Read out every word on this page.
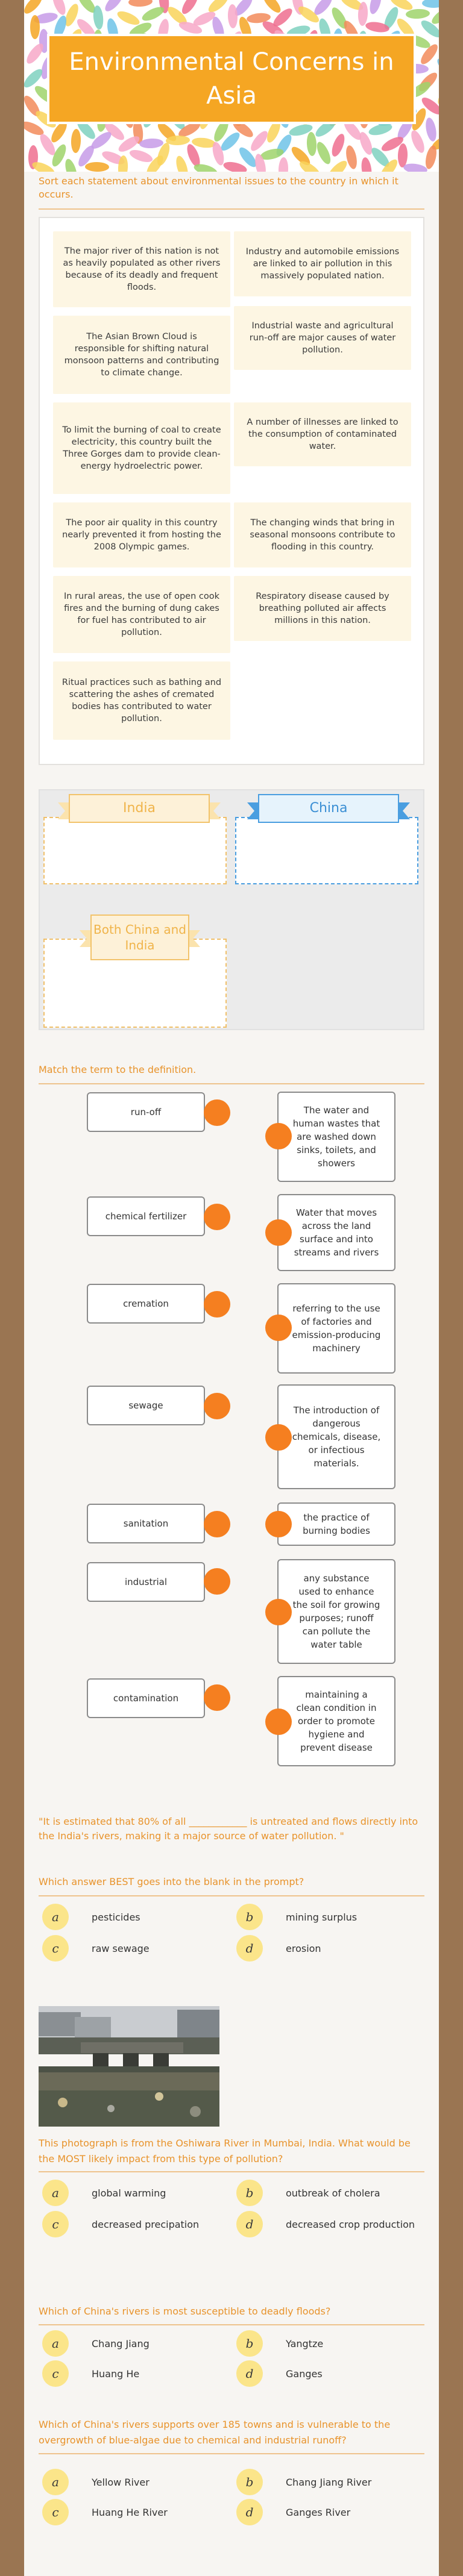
Environmental Concerns in Asia
Sort each statement about environmental issues to the country in which it occurs.
The major river of this nation is not as heavily populated as other rivers because of its deadly and frequent floods.
The Asian Brown Cloud is responsible for shifting natural monsoon patterns and contributing to climate change.
To limit the burning of coal to create electricity, this country built the Three Gorges dam to provide clean-energy hydroelectric power.
The poor air quality in this country nearly prevented it from hosting the 2008 Olympic games.
In rural areas, the use of open cook fires and the burning of dung cakes for fuel has contributed to air pollution.
Ritual practices such as bathing and scattering the ashes of cremated bodies has contributed to water pollution.
Industry and automobile emissions are linked to air pollution in this massively populated nation.
Industrial waste and agricultural run-off are major causes of water pollution.
A number of illnesses are linked to the consumption of contaminated water.
The changing winds that bring in seasonal monsoons contribute to flooding in this country.
Respiratory disease caused by breathing polluted air affects millions in this nation.
India	China
Both China and India
Match the term to the definition.
run-off
chemical fertilizer
cremation
sewage
sanitation
industrial
contamination
The water and human wastes that are washed down sinks, toilets, and showers
Water that moves across the land surface and into streams and rivers
referring to the use of factories and emission-producing machinery
The introduction of dangerous chemicals, disease, or infectious materials.
the practice of burning bodies
any substance used to enhance the soil for growing purposes; runoff can pollute the water table
maintaining a clean condition in order to promote hygiene and prevent disease
"It is estimated that 80% of all ____________ is untreated and flows directly into the India's rivers, making it a major source of water pollution. "
Which answer BEST goes into the blank in the prompt?
a	pesticides	b	mining surplus
c	raw sewage	d	erosion
This photograph is from the Oshiwara River in Mumbai, India. What would be the MOST likely impact from this type of pollution?
a	global warming	b	outbreak of cholera
c	decreased precipation	d	decreased crop production
Which of China's rivers is most susceptible to deadly floods?
a	Chang Jiang	b	Yangtze
c	Huang He	d	Ganges
Which of China's rivers supports over 185 towns and is vulnerable to the overgrowth of blue-algae due to chemical and industrial runoff?
a	Yellow River	b	Chang Jiang River
c	Huang He River	d	Ganges River
